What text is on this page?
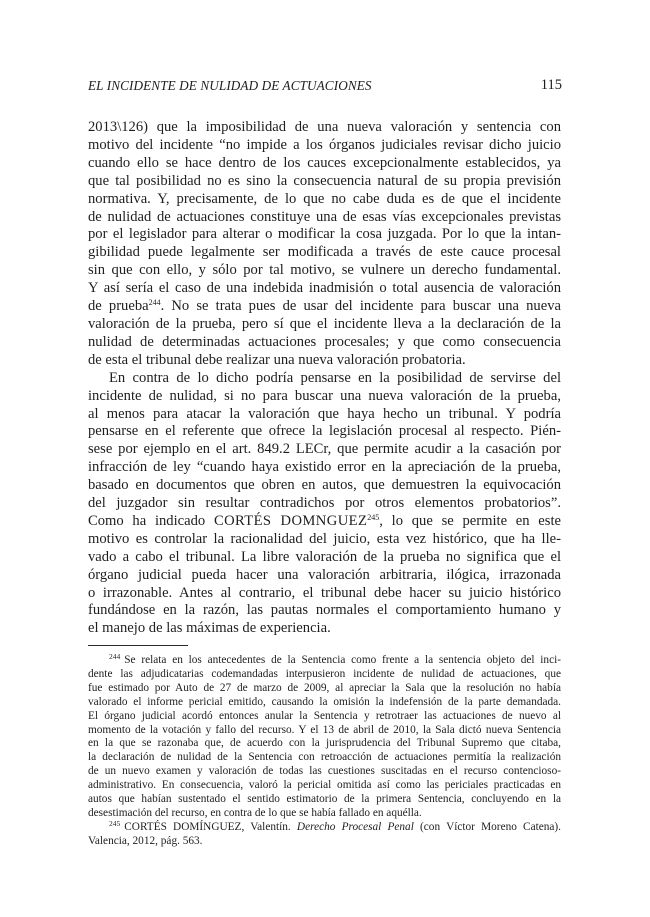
EL INCIDENTE DE NULIDAD DE ACTUACIONES	115

2013\126) que la imposibilidad de una nueva valoración y sentencia con
motivo del incidente “no impide a los órganos judiciales revisar dicho juicio
cuando ello se hace dentro de los cauces excepcionalmente establecidos, ya
que tal posibilidad no es sino la consecuencia natural de su propia previsión
normativa. Y, precisamente, de lo que no cabe duda es de que el incidente
de nulidad de actuaciones constituye una de esas vías excepcionales previstas
por el legislador para alterar o modificar la cosa juzgada. Por lo que la intan-
gibilidad puede legalmente ser modificada a través de este cauce procesal
sin que con ello, y sólo por tal motivo, se vulnere un derecho fundamental.
Y así sería el caso de una indebida inadmisión o total ausencia de valoración
de prueba$^{244}$. No se trata pues de usar del incidente para buscar una nueva
valoración de la prueba, pero sí que el incidente lleva a la declaración de la
nulidad de determinadas actuaciones procesales; y que como consecuencia
de esta el tribunal debe realizar una nueva valoración probatoria.

En contra de lo dicho podría pensarse en la posibilidad de servirse del
incidente de nulidad, si no para buscar una nueva valoración de la prueba,
al menos para atacar la valoración que haya hecho un tribunal. Y podría
pensarse en el referente que ofrece la legislación procesal al respecto. Pién-
sese por ejemplo en el art. 849.2 LECr, que permite acudir a la casación por
infracción de ley “cuando haya existido error en la apreciación de la prueba,
basado en documentos que obren en autos, que demuestren la equivocación
del juzgador sin resultar contradichos por otros elementos probatorios”.
Como ha indicado CORTÉS DOMNGUEZ$^{245}$, lo que se permite en este
motivo es controlar la racionalidad del juicio, esta vez histórico, que ha lle-
vado a cabo el tribunal. La libre valoración de la prueba no significa que el
órgano judicial pueda hacer una valoración arbitraria, ilógica, irrazonada
o irrazonable. Antes al contrario, el tribunal debe hacer su juicio histórico
fundándose en la razón, las pautas normales el comportamiento humano y
el manejo de las máximas de experiencia.

$^{244}$ Se relata en los antecedentes de la Sentencia como frente a la sentencia objeto del inci-
dente las adjudicatarias codemandadas interpusieron incidente de nulidad de actuaciones, que
fue estimado por Auto de 27 de marzo de 2009, al apreciar la Sala que la resolución no había
valorado el informe pericial emitido, causando la omisión la indefensión de la parte demandada.
El órgano judicial acordó entonces anular la Sentencia y retrotraer las actuaciones de nuevo al
momento de la votación y fallo del recurso. Y el 13 de abril de 2010, la Sala dictó nueva Sentencia
en la que se razonaba que, de acuerdo con la jurisprudencia del Tribunal Supremo que citaba,
la declaración de nulidad de la Sentencia con retroacción de actuaciones permitía la realización
de un nuevo examen y valoración de todas las cuestiones suscitadas en el recurso contencioso-
administrativo. En consecuencia, valoró la pericial omitida así como las periciales practicadas en
autos que habían sustentado el sentido estimatorio de la primera Sentencia, concluyendo en la
desestimación del recurso, en contra de lo que se había fallado en aquélla.
$^{245}$ CORTÉS DOMÍNGUEZ, Valentín. Derecho Procesal Penal (con Víctor Moreno Catena).
Valencia, 2012, pág. 563.
